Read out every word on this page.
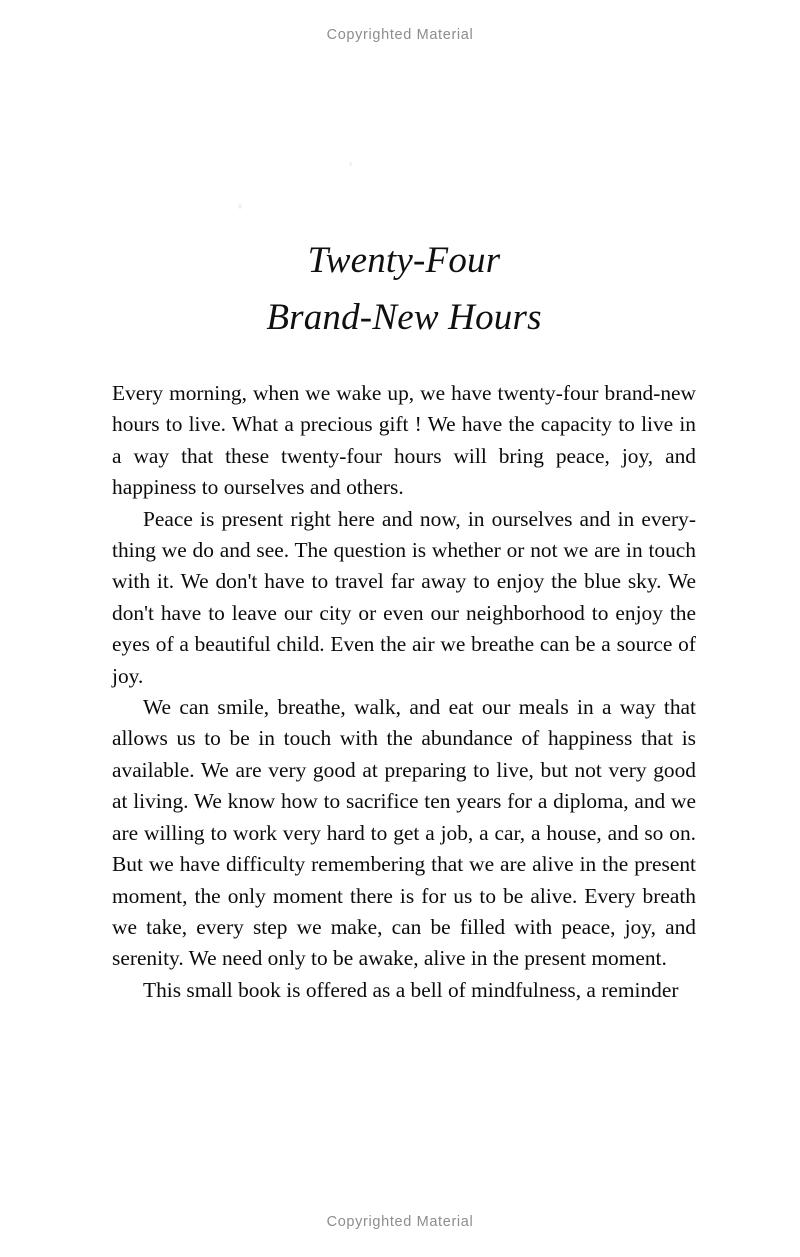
Copyrighted Material
Twenty-Four
Brand-New Hours

Every morning, when we wake up, we have twenty-four brand-new hours to live. What a precious gift ! We have the capacity to live in a way that these twenty-four hours will bring peace, joy, and happiness to ourselves and others.

Peace is present right here and now, in ourselves and in every-thing we do and see. The question is whether or not we are in touch with it. We don't have to travel far away to enjoy the blue sky. We don't have to leave our city or even our neighborhood to enjoy the eyes of a beautiful child. Even the air we breathe can be a source of joy.

We can smile, breathe, walk, and eat our meals in a way that allows us to be in touch with the abundance of happiness that is available. We are very good at preparing to live, but not very good at living. We know how to sacrifice ten years for a diploma, and we are willing to work very hard to get a job, a car, a house, and so on. But we have difficulty remembering that we are alive in the present moment, the only moment there is for us to be alive. Every breath we take, every step we make, can be filled with peace, joy, and serenity. We need only to be awake, alive in the present moment.

This small book is offered as a bell of mindfulness, a reminder

Copyrighted Material
